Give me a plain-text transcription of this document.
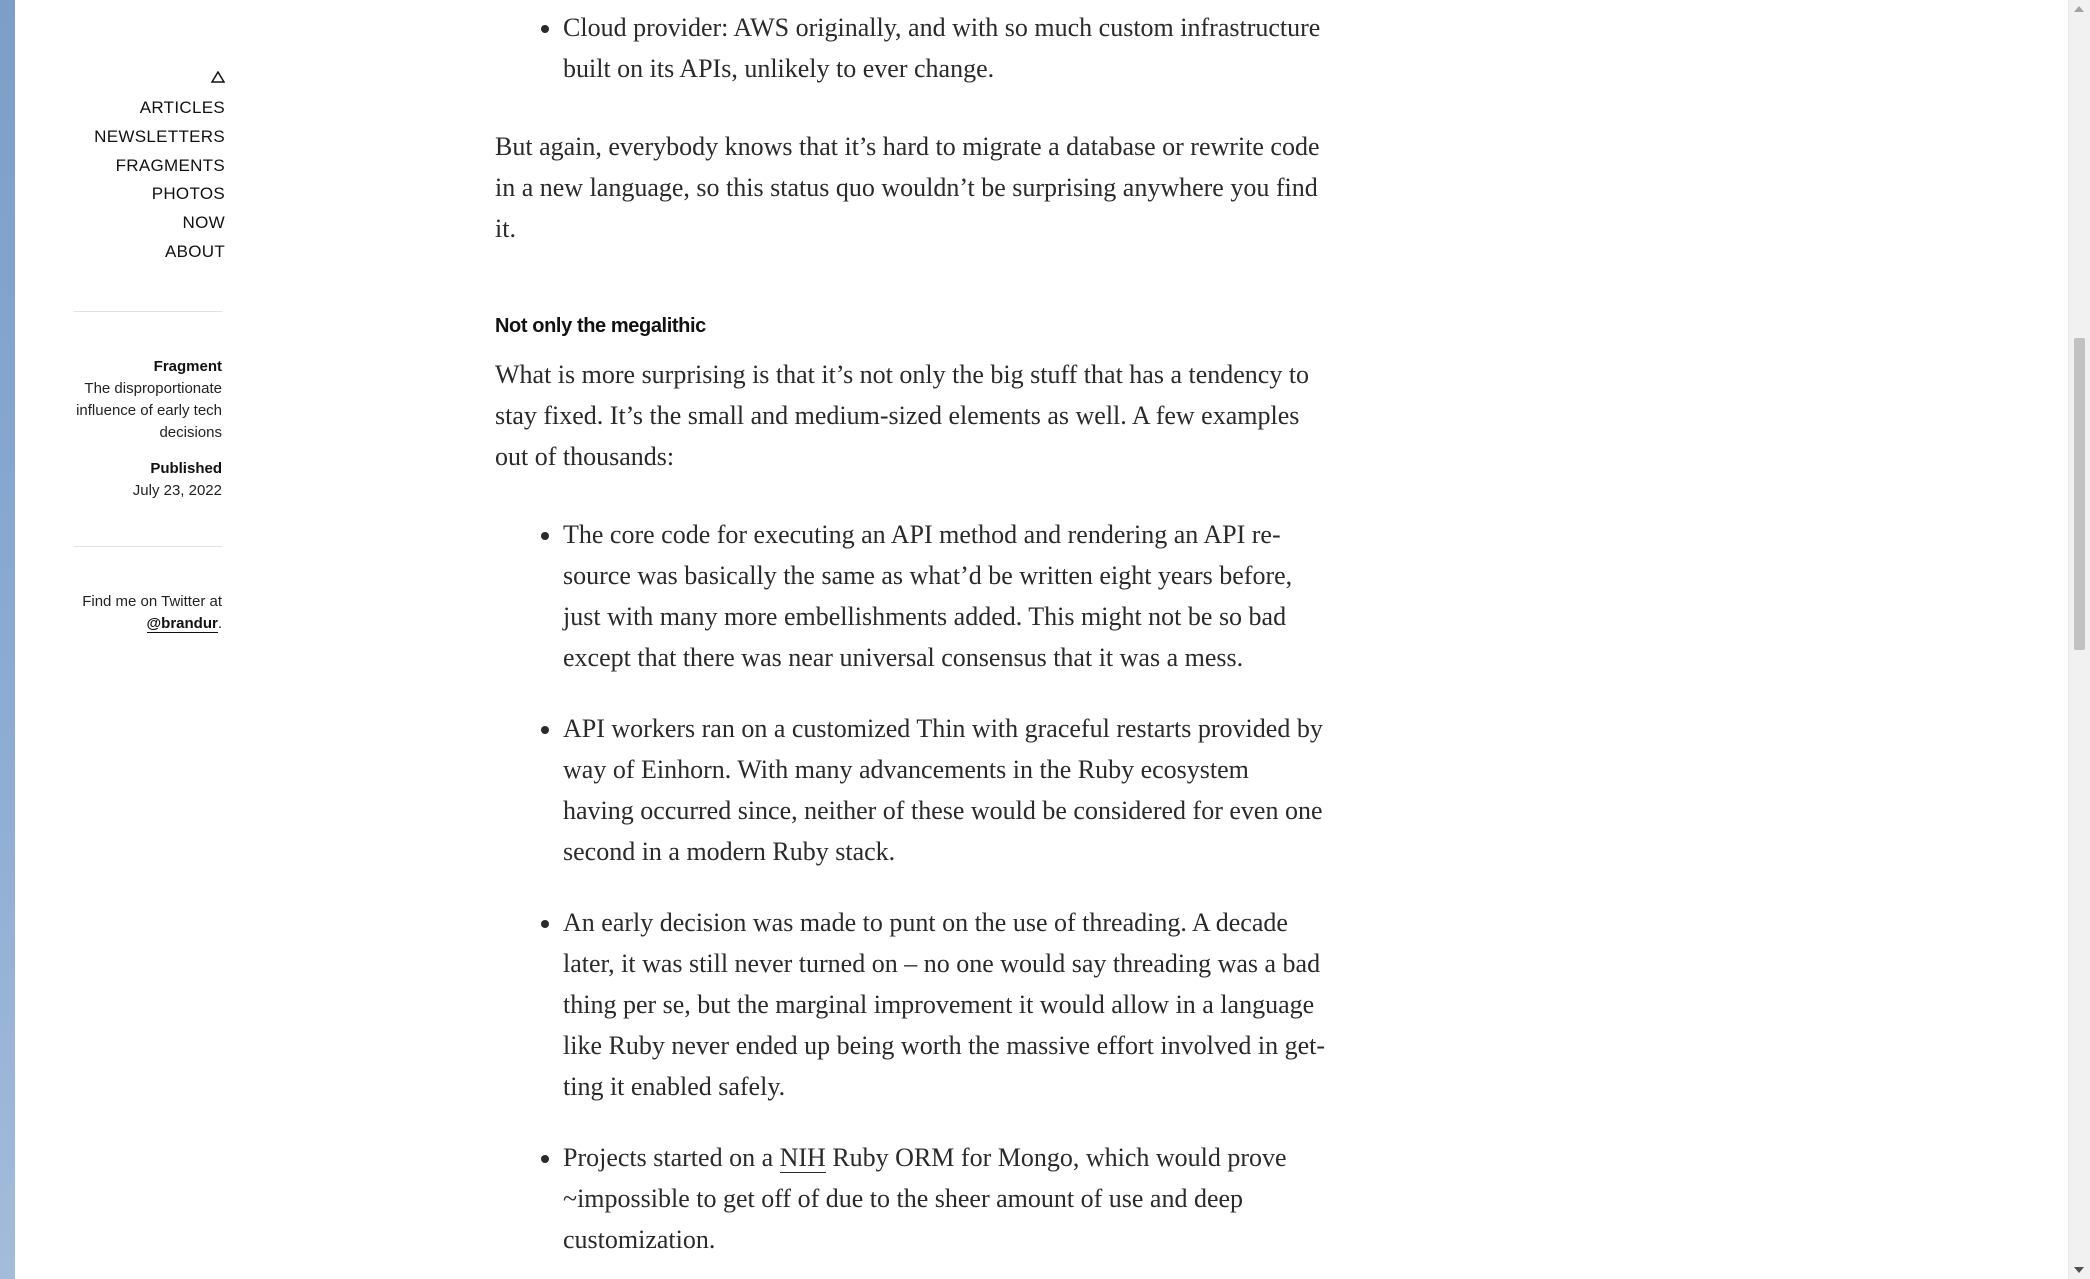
ARTICLES
NEWSLETTERS
FRAGMENTS
PHOTOS
NOW
ABOUT
Fragment
The disproportionate influence of early tech decisions
Published
July 23, 2022
Find me on Twitter at
@brandur.
• Cloud provider: AWS originally, and with so much custom infrastructure built on its APIs, unlikely to ever change.

But again, everybody knows that it’s hard to migrate a database or rewrite code in a new language, so this status quo wouldn’t be surprising anywhere you find it.

Not only the megalithic

What is more surprising is that it’s not only the big stuff that has a tendency to stay fixed. It’s the small and medium-sized elements as well. A few examples out of thousands:

• The core code for executing an API method and rendering an API resource was basically the same as what’d be written eight years before, just with many more embellishments added. This might not be so bad except that there was near universal consensus that it was a mess.
• API workers ran on a customized Thin with graceful restarts provided by way of Einhorn. With many advancements in the Ruby ecosystem having occurred since, neither of these would be considered for even one second in a modern Ruby stack.
• An early decision was made to punt on the use of threading. A decade later, it was still never turned on – no one would say threading was a bad thing per se, but the marginal improvement it would allow in a language like Ruby never ended up being worth the massive effort involved in getting it enabled safely.
• Projects started on a NIH Ruby ORM for Mongo, which would prove ~impossible to get off of due to the sheer amount of use and deep customization.
